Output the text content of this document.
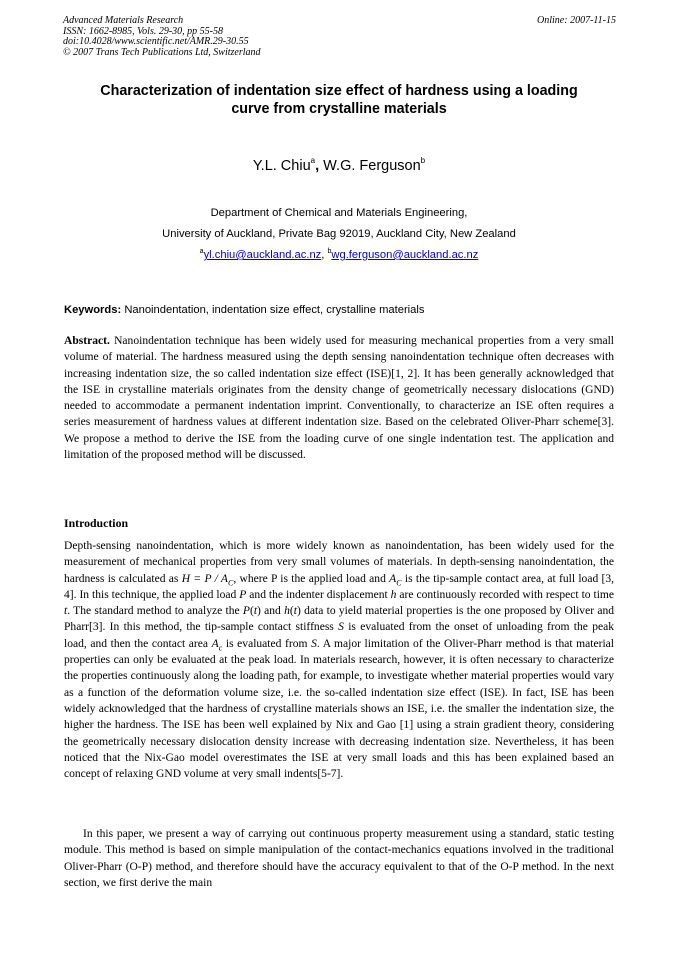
Advanced Materials Research
ISSN: 1662-8985, Vols. 29-30, pp 55-58
doi:10.4028/www.scientific.net/AMR.29-30.55
© 2007 Trans Tech Publications Ltd, Switzerland
Online: 2007-11-15
Characterization of indentation size effect of hardness using a loading
curve from crystalline materials
Y.L. Chiu$^a$, W.G. Ferguson$^b$
Department of Chemical and Materials Engineering,
University of Auckland, Private Bag 92019, Auckland City, New Zealand
$^a$yl.chiu@auckland.ac.nz, $^b$wg.ferguson@auckland.ac.nz
Keywords: Nanoindentation, indentation size effect, crystalline materials
Abstract. Nanoindentation technique has been widely used for measuring mechanical properties from a very small volume of material. The hardness measured using the depth sensing nanoindentation technique often decreases with increasing indentation size, the so called indentation size effect (ISE)[1, 2]. It has been generally acknowledged that the ISE in crystalline materials originates from the density change of geometrically necessary dislocations (GND) needed to accommodate a permanent indentation imprint. Conventionally, to characterize an ISE often requires a series measurement of hardness values at different indentation size. Based on the celebrated Oliver-Pharr scheme[3]. We propose a method to derive the ISE from the loading curve of one single indentation test. The application and limitation of the proposed method will be discussed.
Introduction
Depth-sensing nanoindentation, which is more widely known as nanoindentation, has been widely used for the measurement of mechanical properties from very small volumes of materials. In depth-sensing nanoindentation, the hardness is calculated as $H = P / A_C$, where P is the applied load and $A_C$ is the tip-sample contact area, at full load [3, 4]. In this technique, the applied load P and the indenter displacement h are continuously recorded with respect to time t. The standard method to analyze the P(t) and h(t) data to yield material properties is the one proposed by Oliver and Pharr[3]. In this method, the tip-sample contact stiffness S is evaluated from the onset of unloading from the peak load, and then the contact area $A_c$ is evaluated from S. A major limitation of the Oliver-Pharr method is that material properties can only be evaluated at the peak load. In materials research, however, it is often necessary to characterize the properties continuously along the loading path, for example, to investigate whether material properties would vary as a function of the deformation volume size, i.e. the so-called indentation size effect (ISE). In fact, ISE has been widely acknowledged that the hardness of crystalline materials shows an ISE, i.e. the smaller the indentation size, the higher the hardness. The ISE has been well explained by Nix and Gao [1] using a strain gradient theory, considering the geometrically necessary dislocation density increase with decreasing indentation size. Nevertheless, it has been noticed that the Nix-Gao model overestimates the ISE at very small loads and this has been explained based an concept of relaxing GND volume at very small indents[5-7].
In this paper, we present a way of carrying out continuous property measurement using a standard, static testing module. This method is based on simple manipulation of the contact-mechanics equations involved in the traditional Oliver-Pharr (O-P) method, and therefore should have the accuracy equivalent to that of the O-P method. In the next section, we first derive the main
